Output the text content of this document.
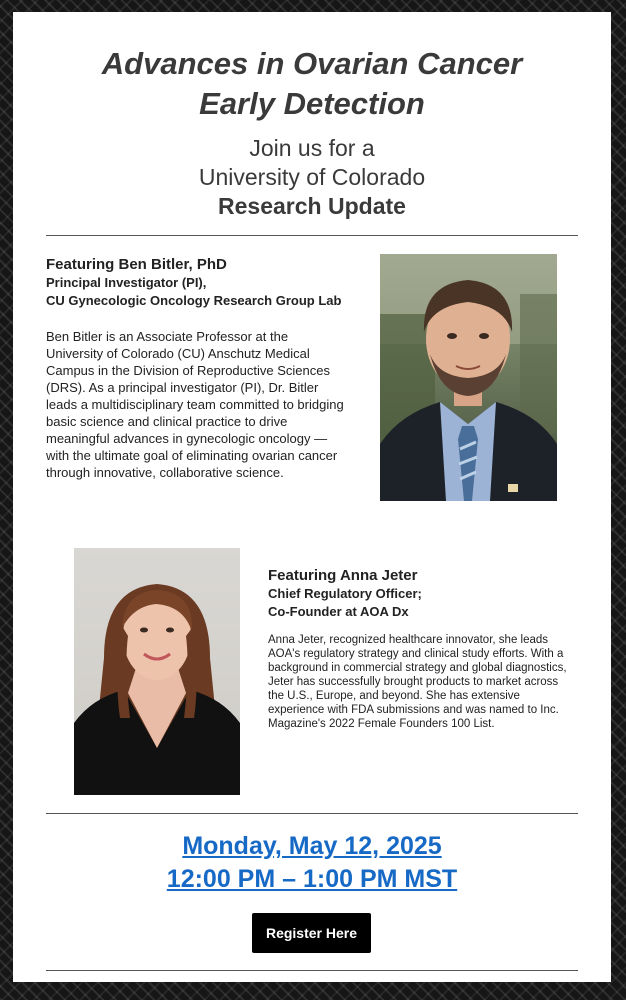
Advances in Ovarian Cancer
Early Detection
Join us for a
University of Colorado
Research Update
Featuring Ben Bitler, PhD
Principal Investigator (PI),
CU Gynecologic Oncology Research Group Lab
Ben Bitler is an Associate Professor at the University of Colorado (CU) Anschutz Medical Campus in the Division of Reproductive Sciences (DRS). As a principal investigator (PI), Dr. Bitler leads a multidisciplinary team committed to bridging basic science and clinical practice to drive meaningful advances in gynecologic oncology — with the ultimate goal of eliminating ovarian cancer through innovative, collaborative science.
Featuring Anna Jeter
Chief Regulatory Officer;
Co-Founder at AOA Dx
Anna Jeter, recognized healthcare innovator, she leads AOA's regulatory strategy and clinical study efforts. With a background in commercial strategy and global diagnostics, Jeter has successfully brought products to market across the U.S., Europe, and beyond. She has extensive experience with FDA submissions and was named to Inc. Magazine's 2022 Female Founders 100 List.
Monday, May 12, 2025
12:00 PM – 1:00 PM MST
Register Here
